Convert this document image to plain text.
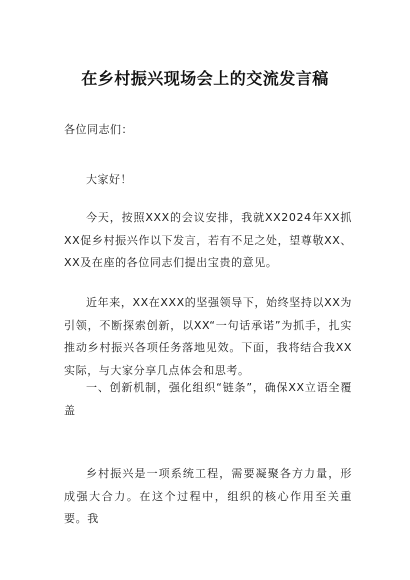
在乡村振兴现场会上的交流发言稿
各位同志们：
大家好！

今天，按照XXX的会议安排，我就XX2024年XX抓XX促乡村振兴作以下发言，若有不足之处，望尊敬XX、XX及在座的各位同志们提出宝贵的意见。

近年来，XX在XXX的坚强领导下，始终坚持以XX为引领，不断探索创新，以XX“一句话承诺”为抓手，扎实推动乡村振兴各项任务落地见效。下面，我将结合我XX实际，与大家分享几点体会和思考。

一、创新机制，强化组织“链条”，确保XX立语全覆盖

乡村振兴是一项系统工程，需要凝聚各方力量，形成强大合力。在这个过程中，组织的核心作用至关重要。我
